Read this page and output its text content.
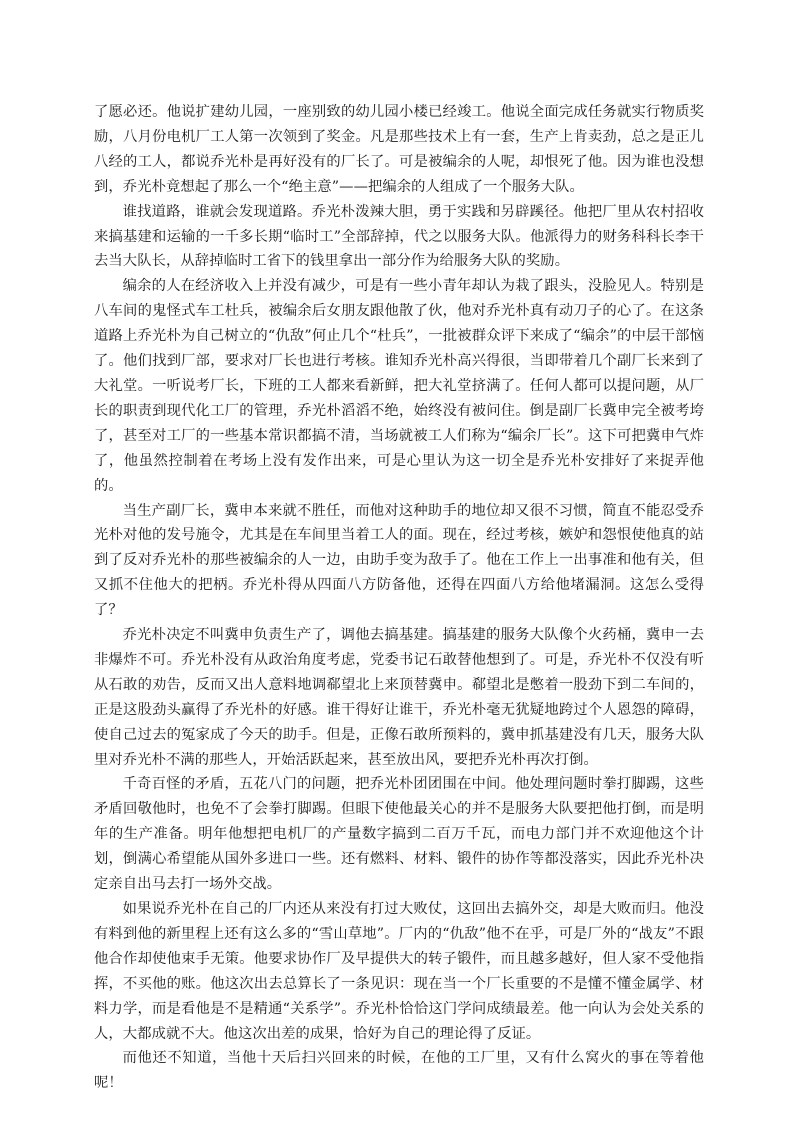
了愿必还。他说扩建幼儿园，一座别致的幼儿园小楼已经竣工。他说全面完成任务就实行物质奖励，八月份电机厂工人第一次领到了奖金。凡是那些技术上有一套，生产上肯卖劲，总之是正儿八经的工人，都说乔光朴是再好没有的厂长了。可是被编余的人呢，却恨死了他。因为谁也没想到，乔光朴竟想起了那么一个“绝主意”——把编余的人组成了一个服务大队。

谁找道路，谁就会发现道路。乔光朴泼辣大胆，勇于实践和另辟蹊径。他把厂里从农村招收来搞基建和运输的一千多长期“临时工”全部辞掉，代之以服务大队。他派得力的财务科科长李干去当大队长，从辞掉临时工省下的钱里拿出一部分作为给服务大队的奖励。

编余的人在经济收入上并没有减少，可是有一些小青年却认为栽了跟头，没脸见人。特别是八车间的鬼怪式车工杜兵，被编余后女朋友跟他散了伙，他对乔光朴真有动刀子的心了。在这条道路上乔光朴为自己树立的“仇敌”何止几个“杜兵”，一批被群众评下来成了“编余”的中层干部恼了。他们找到厂部，要求对厂长也进行考核。谁知乔光朴高兴得很，当即带着几个副厂长来到了大礼堂。一听说考厂长，下班的工人都来看新鲜，把大礼堂挤满了。任何人都可以提问题，从厂长的职责到现代化工厂的管理，乔光朴滔滔不绝，始终没有被问住。倒是副厂长冀申完全被考垮了，甚至对工厂的一些基本常识都搞不清，当场就被工人们称为“编余厂长”。这下可把冀申气炸了，他虽然控制着在考场上没有发作出来，可是心里认为这一切全是乔光朴安排好了来捉弄他的。

当生产副厂长，冀申本来就不胜任，而他对这种助手的地位却又很不习惯，简直不能忍受乔光朴对他的发号施令，尤其是在车间里当着工人的面。现在，经过考核，嫉妒和怨恨使他真的站到了反对乔光朴的那些被编余的人一边，由助手变为敌手了。他在工作上一出事准和他有关，但又抓不住他大的把柄。乔光朴得从四面八方防备他，还得在四面八方给他堵漏洞。这怎么受得了？

乔光朴决定不叫冀申负责生产了，调他去搞基建。搞基建的服务大队像个火药桶，冀申一去非爆炸不可。乔光朴没有从政治角度考虑，党委书记石敢替他想到了。可是，乔光朴不仅没有听从石敢的劝告，反而又出人意料地调郗望北上来顶替冀申。郗望北是憋着一股劲下到二车间的，正是这股劲头赢得了乔光朴的好感。谁干得好让谁干，乔光朴毫无犹疑地跨过个人恩怨的障碍，使自己过去的冤家成了今天的助手。但是，正像石敢所预料的，冀申抓基建没有几天，服务大队里对乔光朴不满的那些人，开始活跃起来，甚至放出风，要把乔光朴再次打倒。

千奇百怪的矛盾，五花八门的问题，把乔光朴团团围在中间。他处理问题时拳打脚踢，这些矛盾回敬他时，也免不了会拳打脚踢。但眼下使他最关心的并不是服务大队要把他打倒，而是明年的生产准备。明年他想把电机厂的产量数字搞到二百万千瓦，而电力部门并不欢迎他这个计划，倒满心希望能从国外多进口一些。还有燃料、材料、锻件的协作等都没落实，因此乔光朴决定亲自出马去打一场外交战。

如果说乔光朴在自己的厂内还从来没有打过大败仗，这回出去搞外交，却是大败而归。他没有料到他的新里程上还有这么多的“雪山草地”。厂内的“仇敌”他不在乎，可是厂外的“战友”不跟他合作却使他束手无策。他要求协作厂及早提供大的转子锻件，而且越多越好，但人家不受他指挥，不买他的账。他这次出去总算长了一条见识：现在当一个厂长重要的不是懂不懂金属学、材料力学，而是看他是不是精通“关系学”。乔光朴恰恰这门学问成绩最差。他一向认为会处关系的人，大都成就不大。他这次出差的成果，恰好为自己的理论得了反证。

而他还不知道，当他十天后扫兴回来的时候，在他的工厂里，又有什么窝火的事在等着他呢！
